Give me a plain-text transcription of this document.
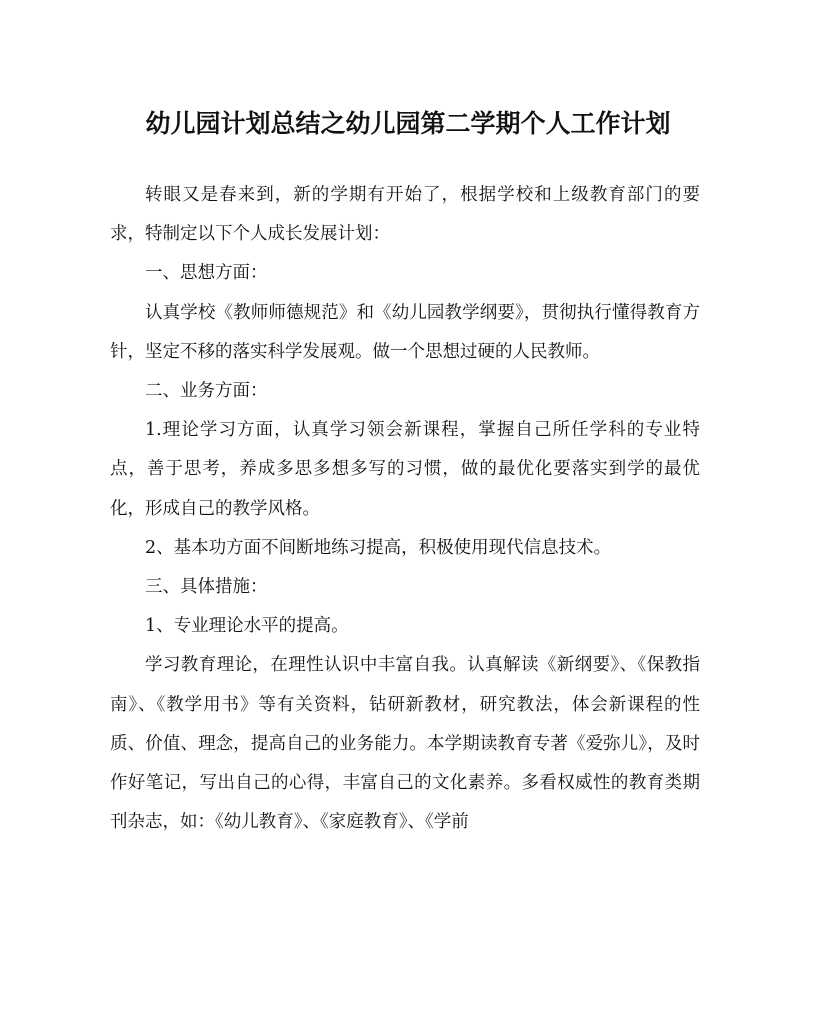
幼儿园计划总结之幼儿园第二学期个人工作计划

转眼又是春来到，新的学期有开始了，根据学校和上级教育部门的要求，特制定以下个人成长发展计划：

一、思想方面：

认真学校《教师师德规范》和《幼儿园教学纲要》，贯彻执行懂得教育方针，坚定不移的落实科学发展观。做一个思想过硬的人民教师。

二、业务方面：

1.理论学习方面，认真学习领会新课程，掌握自己所任学科的专业特点，善于思考，养成多思多想多写的习惯，做的最优化要落实到学的最优化，形成自己的教学风格。

2、基本功方面不间断地练习提高，积极使用现代信息技术。

三、具体措施：

1、专业理论水平的提高。

学习教育理论，在理性认识中丰富自我。认真解读《新纲要》、《保教指南》、《教学用书》等有关资料，钻研新教材，研究教法，体会新课程的性质、价值、理念，提高自己的业务能力。本学期读教育专著《爱弥儿》，及时作好笔记，写出自己的心得，丰富自己的文化素养。多看权威性的教育类期刊杂志，如：《幼儿教育》、《家庭教育》、《学前
